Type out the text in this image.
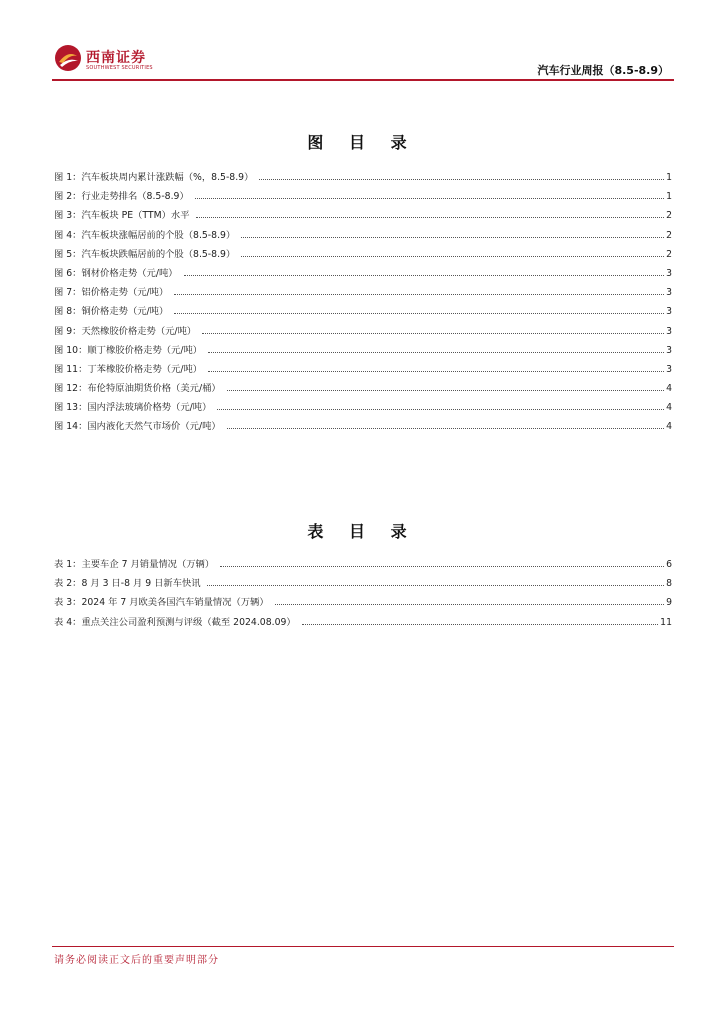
西南证券
SOUTHWEST SECURITIES	汽车行业周报（8.5-8.9）
图 目 录
图 1：汽车板块周内累计涨跌幅（%，8.5-8.9）	1
图 2：行业走势排名（8.5-8.9）	1
图 3：汽车板块 PE（TTM）水平	2
图 4：汽车板块涨幅居前的个股（8.5-8.9）	2
图 5：汽车板块跌幅居前的个股（8.5-8.9）	2
图 6：钢材价格走势（元/吨）	3
图 7：铝价格走势（元/吨）	3
图 8：铜价格走势（元/吨）	3
图 9：天然橡胶价格走势（元/吨）	3
图 10：顺丁橡胶价格走势（元/吨）	3
图 11：丁苯橡胶价格走势（元/吨）	3
图 12：布伦特原油期货价格（美元/桶）	4
图 13：国内浮法玻璃价格势（元/吨）	4
图 14：国内液化天然气市场价（元/吨）	4
表 目 录
表 1：主要车企 7 月销量情况（万辆）	6
表 2：8 月 3 日-8 月 9 日新车快讯	8
表 3：2024 年 7 月欧美各国汽车销量情况（万辆）	9
表 4：重点关注公司盈利预测与评级（截至 2024.08.09）	11
请务必阅读正文后的重要声明部分
